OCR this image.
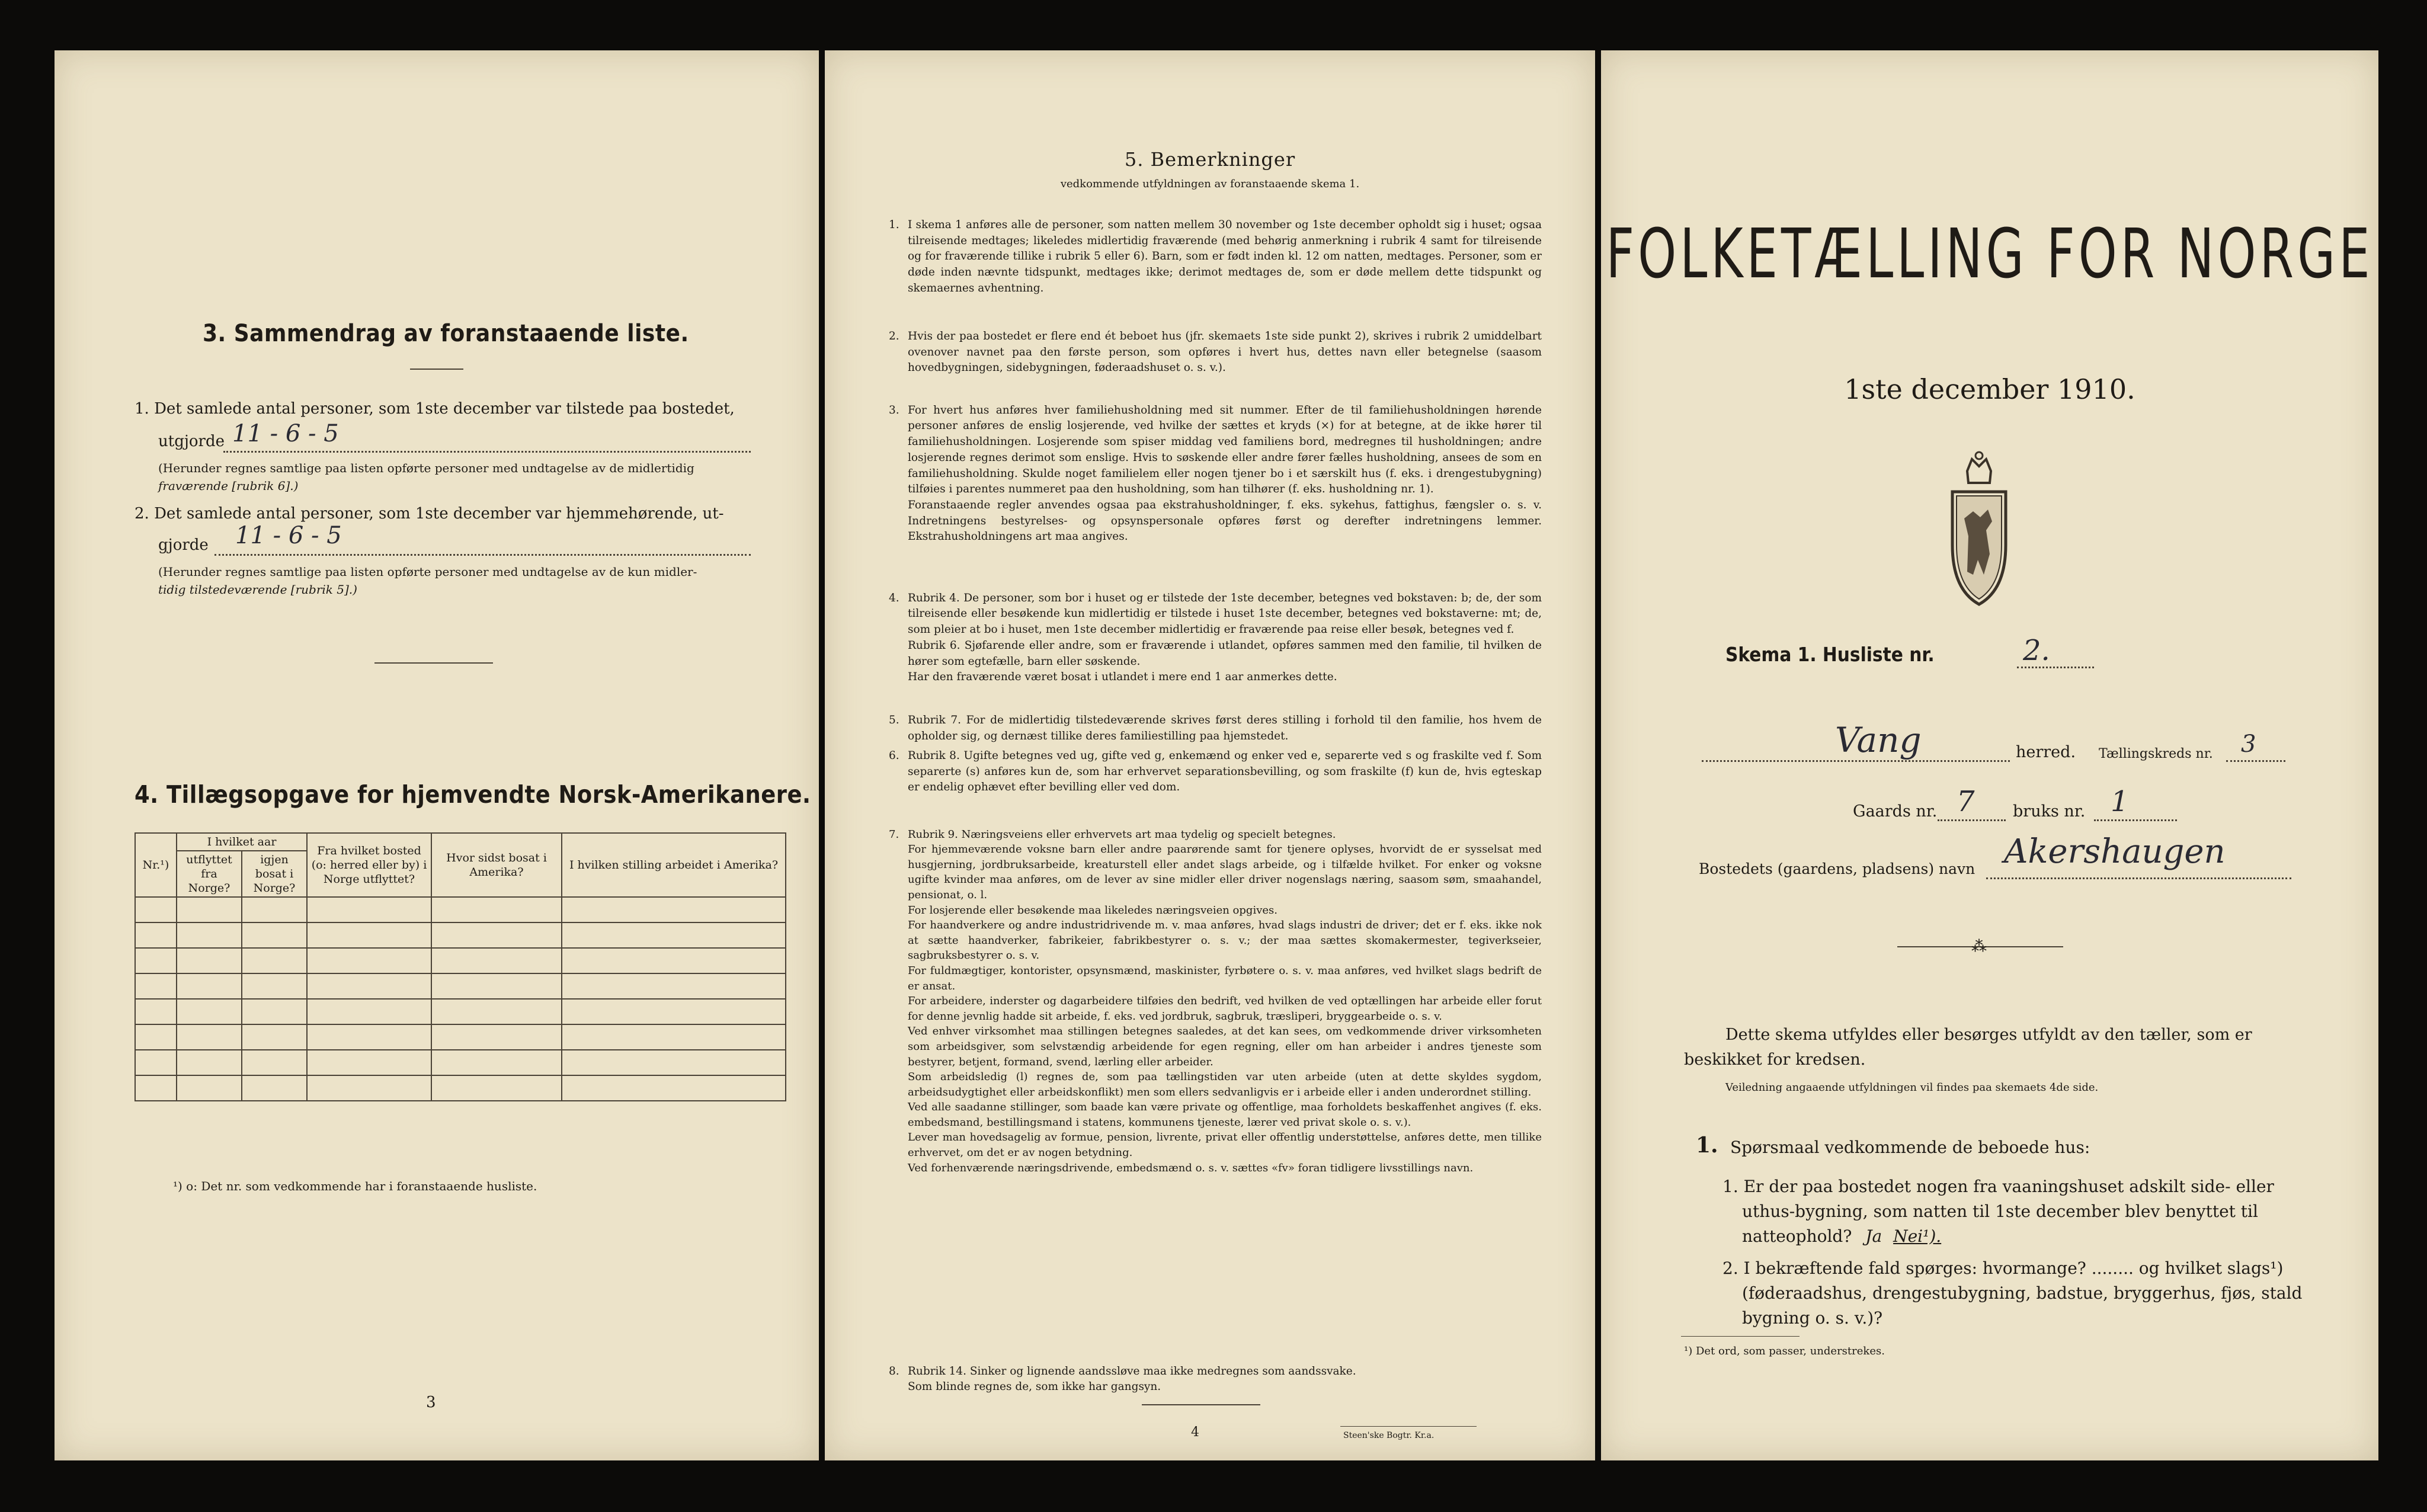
3. Sammendrag av foranstaaende liste.
1. Det samlede antal personer, som 1ste december var tilstede paa bostedet,
utgjorde 11 - 6 - 5
(Herunder regnes samtlige paa listen opførte personer med undtagelse av de midlertidig
fraværende [rubrik 6].)
2. Det samlede antal personer, som 1ste december var hjemmehørende, ut-
gjorde 11 - 6 - 5
(Herunder regnes samtlige paa listen opførte personer med undtagelse av de kun midler-
tidig tilstedeværende [rubrik 5].)
4. Tillægsopgave for hjemvendte Norsk-Amerikanere.
Nr.¹)	I hvilket aar		Fra hvilket bosted (o: herred eller by) i Norge utflyttet?	Hvor sidst bosat i Amerika?	I hvilken stilling arbeidet i Amerika?
	utflyttet fra Norge?	igjen bosat i Norge?			

¹) o: Det nr. som vedkommende har i foranstaaende husliste.
3
5. Bemerkninger
vedkommende utfyldningen av foranstaaende skema 1.
1. I skema 1 anføres alle de personer, som natten mellem 30 november og 1ste december opholdt sig i huset; ogsaa tilreisende medtages; likeledes midlertidig fraværende (med behørig anmerkning i rubrik 4 samt for tilreisende og for fraværende tillike i rubrik 5 eller 6). Barn, som er født inden kl. 12 om natten, medtages. Personer, som er døde inden nævnte tidspunkt, medtages ikke; derimot medtages de, som er døde mellem dette tidspunkt og skemaernes avhentning.
2. Hvis der paa bostedet er flere end ét beboet hus (jfr. skemaets 1ste side punkt 2), skrives i rubrik 2 umiddelbart ovenover navnet paa den første person, som opføres i hvert hus, dettes navn eller betegnelse (saasom hovedbygningen, sidebygningen, føderaadshuset o. s. v.).

3. For hvert hus anføres hver familiehusholdning med sit nummer. Efter de til familiehusholdningen hørende personer anføres de enslig losjerende, ved hvilke der sættes et kryds (×) for at betegne, at de ikke hører til familiehusholdningen. Losjerende som spiser middag ved familiens bord, medregnes til husholdningen; andre losjerende regnes derimot som enslige. Hvis to søskende eller andre fører fælles husholdning, ansees de som en familiehusholdning. Skulde noget familielem eller nogen tjener bo i et særskilt hus (f. eks. i drengestubygning) tilføies i parentes nummeret paa den husholdning, som han tilhører (f. eks. husholdning nr. 1).
Foranstaaende regler anvendes ogsaa paa ekstrahusholdninger, f. eks. sykehus, fattighus, fængsler o. s. v. Indretningens bestyrelses- og opsynspersonale opføres først og derefter indretningens lemmer. Ekstrahusholdningens art maa angives.

4. Rubrik 4. De personer, som bor i huset og er tilstede der 1ste december, betegnes ved bokstaven: b; de, der som tilreisende eller besøkende kun midlertidig er tilstede i huset 1ste december, betegnes ved bokstaverne: mt; de, som pleier at bo i huset, men 1ste december midlertidig er fraværende paa reise eller besøk, betegnes ved f.
Rubrik 6. Sjøfarende eller andre, som er fraværende i utlandet, opføres sammen med den familie, til hvilken de hører som egtefælle, barn eller søskende.
Har den fraværende været bosat i utlandet i mere end 1 aar anmerkes dette.

5. Rubrik 7. For de midlertidig tilstedeværende skrives først deres stilling i forhold til den familie, hos hvem de opholder sig, og dernæst tillike deres familiestilling paa hjemstedet.
6. Rubrik 8. Ugifte betegnes ved ug, gifte ved g, enkemænd og enker ved e, separerte ved s og fraskilte ved f. Som separerte (s) anføres kun de, som har erhvervet separationsbevilling, og som fraskilte (f) kun de, hvis egteskap er endelig ophævet efter bevilling eller ved dom.

7. Rubrik 9. Næringsveiens eller erhvervets art maa tydelig og specielt betegnes.
For hjemmeværende voksne barn eller andre paarørende samt for tjenere oplyses, hvorvidt de er sysselsat med husgjerning, jordbruksarbeide, kreaturstell eller andet slags arbeide, og i tilfælde hvilket. For enker og voksne ugifte kvinder maa anføres, om de lever av sine midler eller driver nogenslags næring, saasom søm, smaahandel, pensionat, o. l.
For losjerende eller besøkende maa likeledes næringsveien opgives.
For haandverkere og andre industridrivende m. v. maa anføres, hvad slags industri de driver; det er f. eks. ikke nok at sætte haandverker, fabrikeier, fabrikbestyrer o. s. v.; der maa sættes skomakermester, tegiverkseier, sagbruksbestyrer o. s. v.
For fuldmægtiger, kontorister, opsynsmænd, maskinister, fyrbøtere o. s. v. maa anføres, ved hvilket slags bedrift de er ansat.
For arbeidere, inderster og dagarbeidere tilføies den bedrift, ved hvilken de ved optællingen har arbeide eller forut for denne jevnlig hadde sit arbeide, f. eks. ved jordbruk, sagbruk, træsliperi, bryggearbeide o. s. v.
Ved enhver virksomhet maa stillingen betegnes saaledes, at det kan sees, om vedkommende driver virksomheten som arbeidsgiver, som selvstændig arbeidende for egen regning, eller om han arbeider i andres tjeneste som bestyrer, betjent, formand, svend, lærling eller arbeider.
Som arbeidsledig (l) regnes de, som paa tællingstiden var uten arbeide (uten at dette skyldes sygdom, arbeidsudygtighet eller arbeidskonflikt) men som ellers sedvanligvis er i arbeide eller i anden underordnet stilling.
Ved alle saadanne stillinger, som baade kan være private og offentlige, maa forholdets beskaffenhet angives (f. eks. embedsmand, bestillingsmand i statens, kommunens tjeneste, lærer ved privat skole o. s. v.).
Lever man hovedsagelig av formue, pension, livrente, privat eller offentlig understøttelse, anføres dette, men tillike erhvervet, om det er av nogen betydning.
Ved forhenværende næringsdrivende, embedsmænd o. s. v. sættes «fv» foran tidligere livsstillings navn.

8. Rubrik 14. Sinker og lignende aandssløve maa ikke medregnes som aandssvake.
Som blinde regnes de, som ikke har gangsyn.

4	Steen'ske Bogtr. Kr.a.
FOLKETÆLLING FOR NORGE
1ste december 1910.
Skema 1. Husliste nr.	2.
Vang	herred. Tællingskreds nr. 3
Gaards nr. 7 bruks nr. 1
Bostedets (gaardens, pladsens) navn Akershaugen
⁂
Dette skema utfyldes eller besørges utfyldt av den tæller, som er
beskikket for kredsen.
Veiledning angaaende utfyldningen vil findes paa skemaets 4de side.
1. Spørsmaal vedkommende de beboede hus:
1. Er der paa bostedet nogen fra vaaningshuset adskilt side- eller
uthus-bygning, som natten til 1ste december blev benyttet til
natteophold? Ja Nei¹).
2. I bekræftende fald spørges: hvormange? ........ og hvilket slags¹)
(føderaadshus, drengestubygning, badstue, bryggerhus, fjøs, stald
bygning o. s. v.)?
¹) Det ord, som passer, understrekes.
